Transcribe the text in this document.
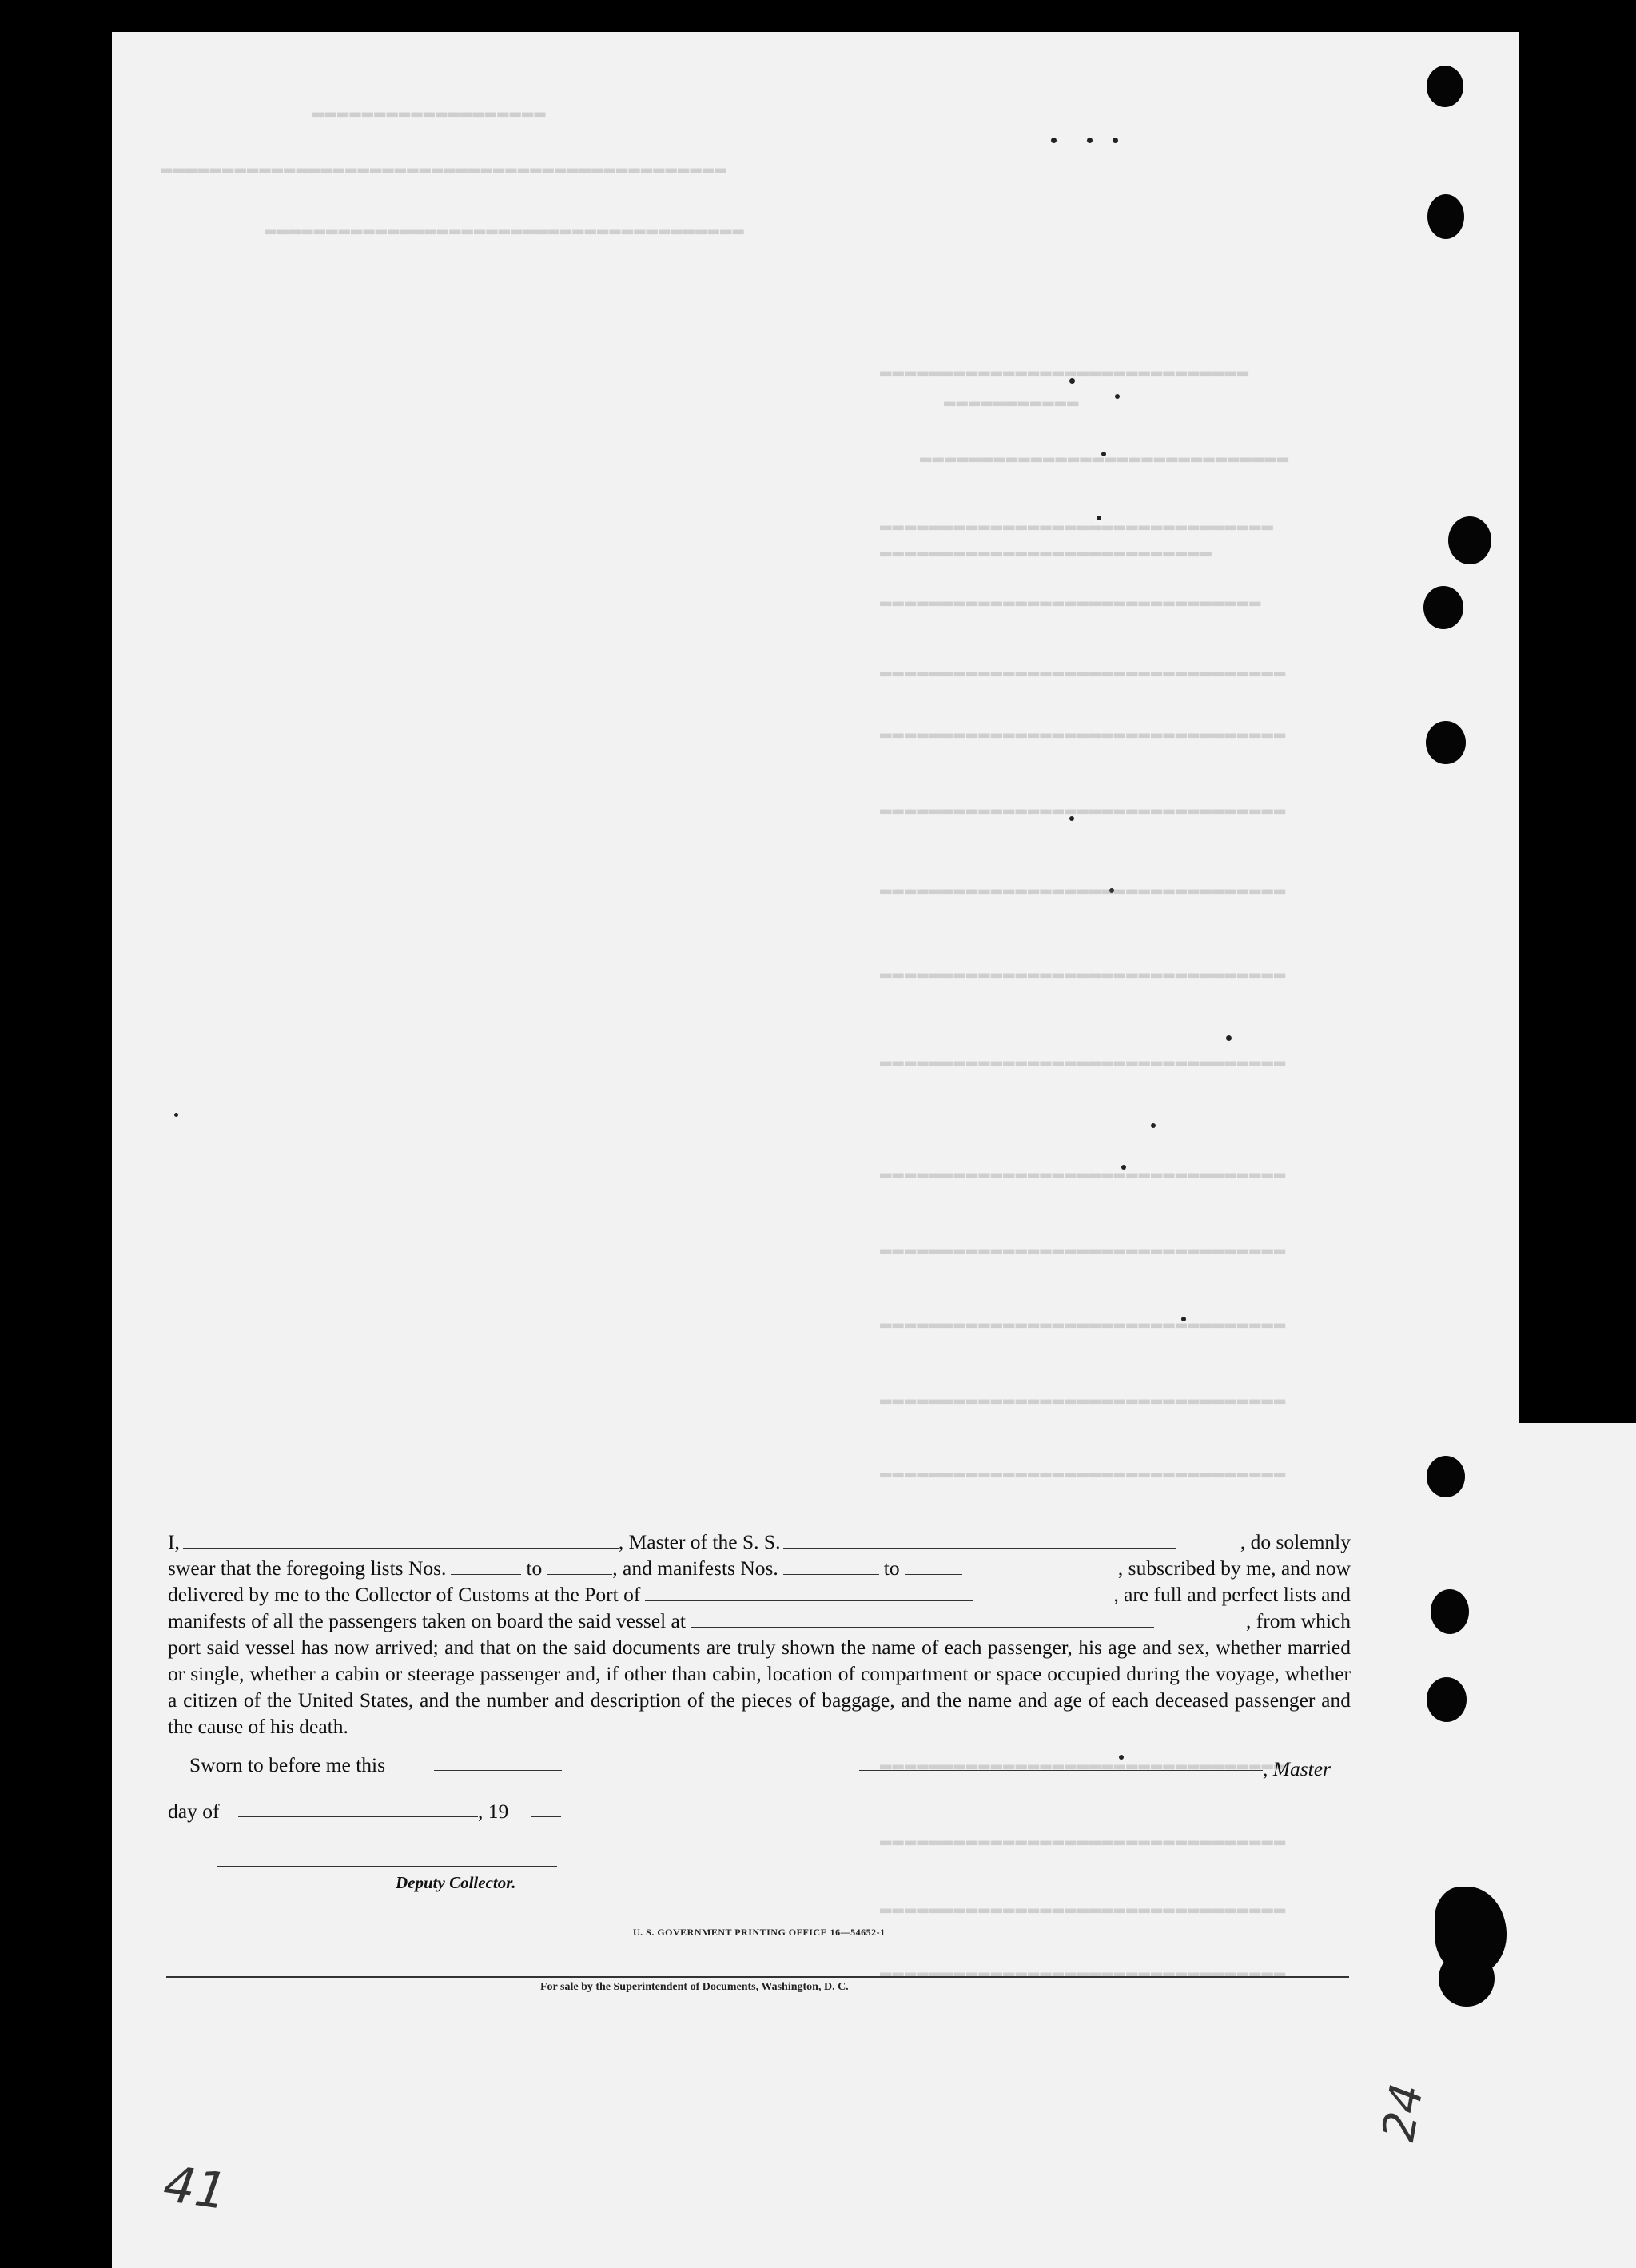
▬▬▬▬▬▬▬▬▬▬▬▬▬▬▬▬▬▬▬
▬▬▬▬▬▬▬▬▬▬▬▬▬▬▬▬▬▬▬▬▬▬▬▬▬▬▬▬▬▬▬▬▬▬▬▬▬▬▬▬▬▬▬▬▬▬
▬▬▬▬▬▬▬▬▬▬▬▬▬▬▬▬▬▬▬▬▬▬▬▬▬▬▬▬▬▬▬▬▬▬▬▬▬▬▬
▬▬▬▬▬▬▬▬▬▬▬▬▬▬▬▬▬▬▬▬▬▬▬▬▬▬▬▬▬▬
▬▬▬▬▬▬▬▬▬▬▬
▬▬▬▬▬▬▬▬▬▬▬▬▬▬▬▬▬▬▬▬▬▬▬▬▬▬▬▬▬▬
▬▬▬▬▬▬▬▬▬▬▬▬▬▬▬▬▬▬▬▬▬▬▬▬▬▬▬▬▬▬▬▬
▬▬▬▬▬▬▬▬▬▬▬▬▬▬▬▬▬▬▬▬▬▬▬▬▬▬▬
▬▬▬▬▬▬▬▬▬▬▬▬▬▬▬▬▬▬▬▬▬▬▬▬▬▬▬▬▬▬▬
▬▬▬▬▬▬▬▬▬▬▬▬▬▬▬▬▬▬▬▬▬▬▬▬▬▬▬▬▬▬▬▬▬
▬▬▬▬▬▬▬▬▬▬▬▬▬▬▬▬▬▬▬▬▬▬▬▬▬▬▬▬▬▬▬▬▬
▬▬▬▬▬▬▬▬▬▬▬▬▬▬▬▬▬▬▬▬▬▬▬▬▬▬▬▬▬▬▬▬▬
▬▬▬▬▬▬▬▬▬▬▬▬▬▬▬▬▬▬▬▬▬▬▬▬▬▬▬▬▬▬▬▬▬
▬▬▬▬▬▬▬▬▬▬▬▬▬▬▬▬▬▬▬▬▬▬▬▬▬▬▬▬▬▬▬▬▬
▬▬▬▬▬▬▬▬▬▬▬▬▬▬▬▬▬▬▬▬▬▬▬▬▬▬▬▬▬▬▬▬▬
▬▬▬▬▬▬▬▬▬▬▬▬▬▬▬▬▬▬▬▬▬▬▬▬▬▬▬▬▬▬▬▬▬
▬▬▬▬▬▬▬▬▬▬▬▬▬▬▬▬▬▬▬▬▬▬▬▬▬▬▬▬▬▬▬▬▬
▬▬▬▬▬▬▬▬▬▬▬▬▬▬▬▬▬▬▬▬▬▬▬▬▬▬▬▬▬▬▬▬▬
▬▬▬▬▬▬▬▬▬▬▬▬▬▬▬▬▬▬▬▬▬▬▬▬▬▬▬▬▬▬▬▬▬
▬▬▬▬▬▬▬▬▬▬▬▬▬▬▬▬▬▬▬▬▬▬▬▬▬▬▬▬▬▬▬▬▬
▬▬▬▬▬▬▬▬▬▬▬▬▬▬▬▬▬▬▬▬▬▬▬▬▬▬▬▬▬▬▬▬▬
▬▬▬▬▬▬▬▬▬▬▬▬▬▬▬▬▬▬▬▬▬▬▬▬▬▬▬▬▬▬▬▬▬
▬▬▬▬▬▬▬▬▬▬▬▬▬▬▬▬▬▬▬▬▬▬▬▬▬▬▬▬▬▬▬▬▬
▬▬▬▬▬▬▬▬▬▬▬▬▬▬▬▬▬▬▬▬▬▬▬▬▬▬▬▬▬▬▬▬▬
I,	, Master of the S. S.	, do solemnly
swear that the foregoing lists Nos.	to	, and manifests Nos.	to	, subscribed by me, and now
delivered by me to the Collector of Customs at the Port of	, are full and perfect lists and
manifests of all the passengers taken on board the said vessel at	, from which
port said vessel has now arrived; and that on the said documents are truly shown the name of each passenger, his age and sex, whether married or single, whether a cabin or steerage passenger and, if other than cabin, location of compartment or space occupied during the voyage, whether a citizen of the United States, and the number and description of the pieces of baggage, and the name and age of each deceased passenger and the cause of his death.
Sworn to before me this	, Master
day of	, 19
Deputy Collector.
U. S. GOVERNMENT PRINTING OFFICE 16—54652-1
For sale by the Superintendent of Documents, Washington, D. C.
41
24
